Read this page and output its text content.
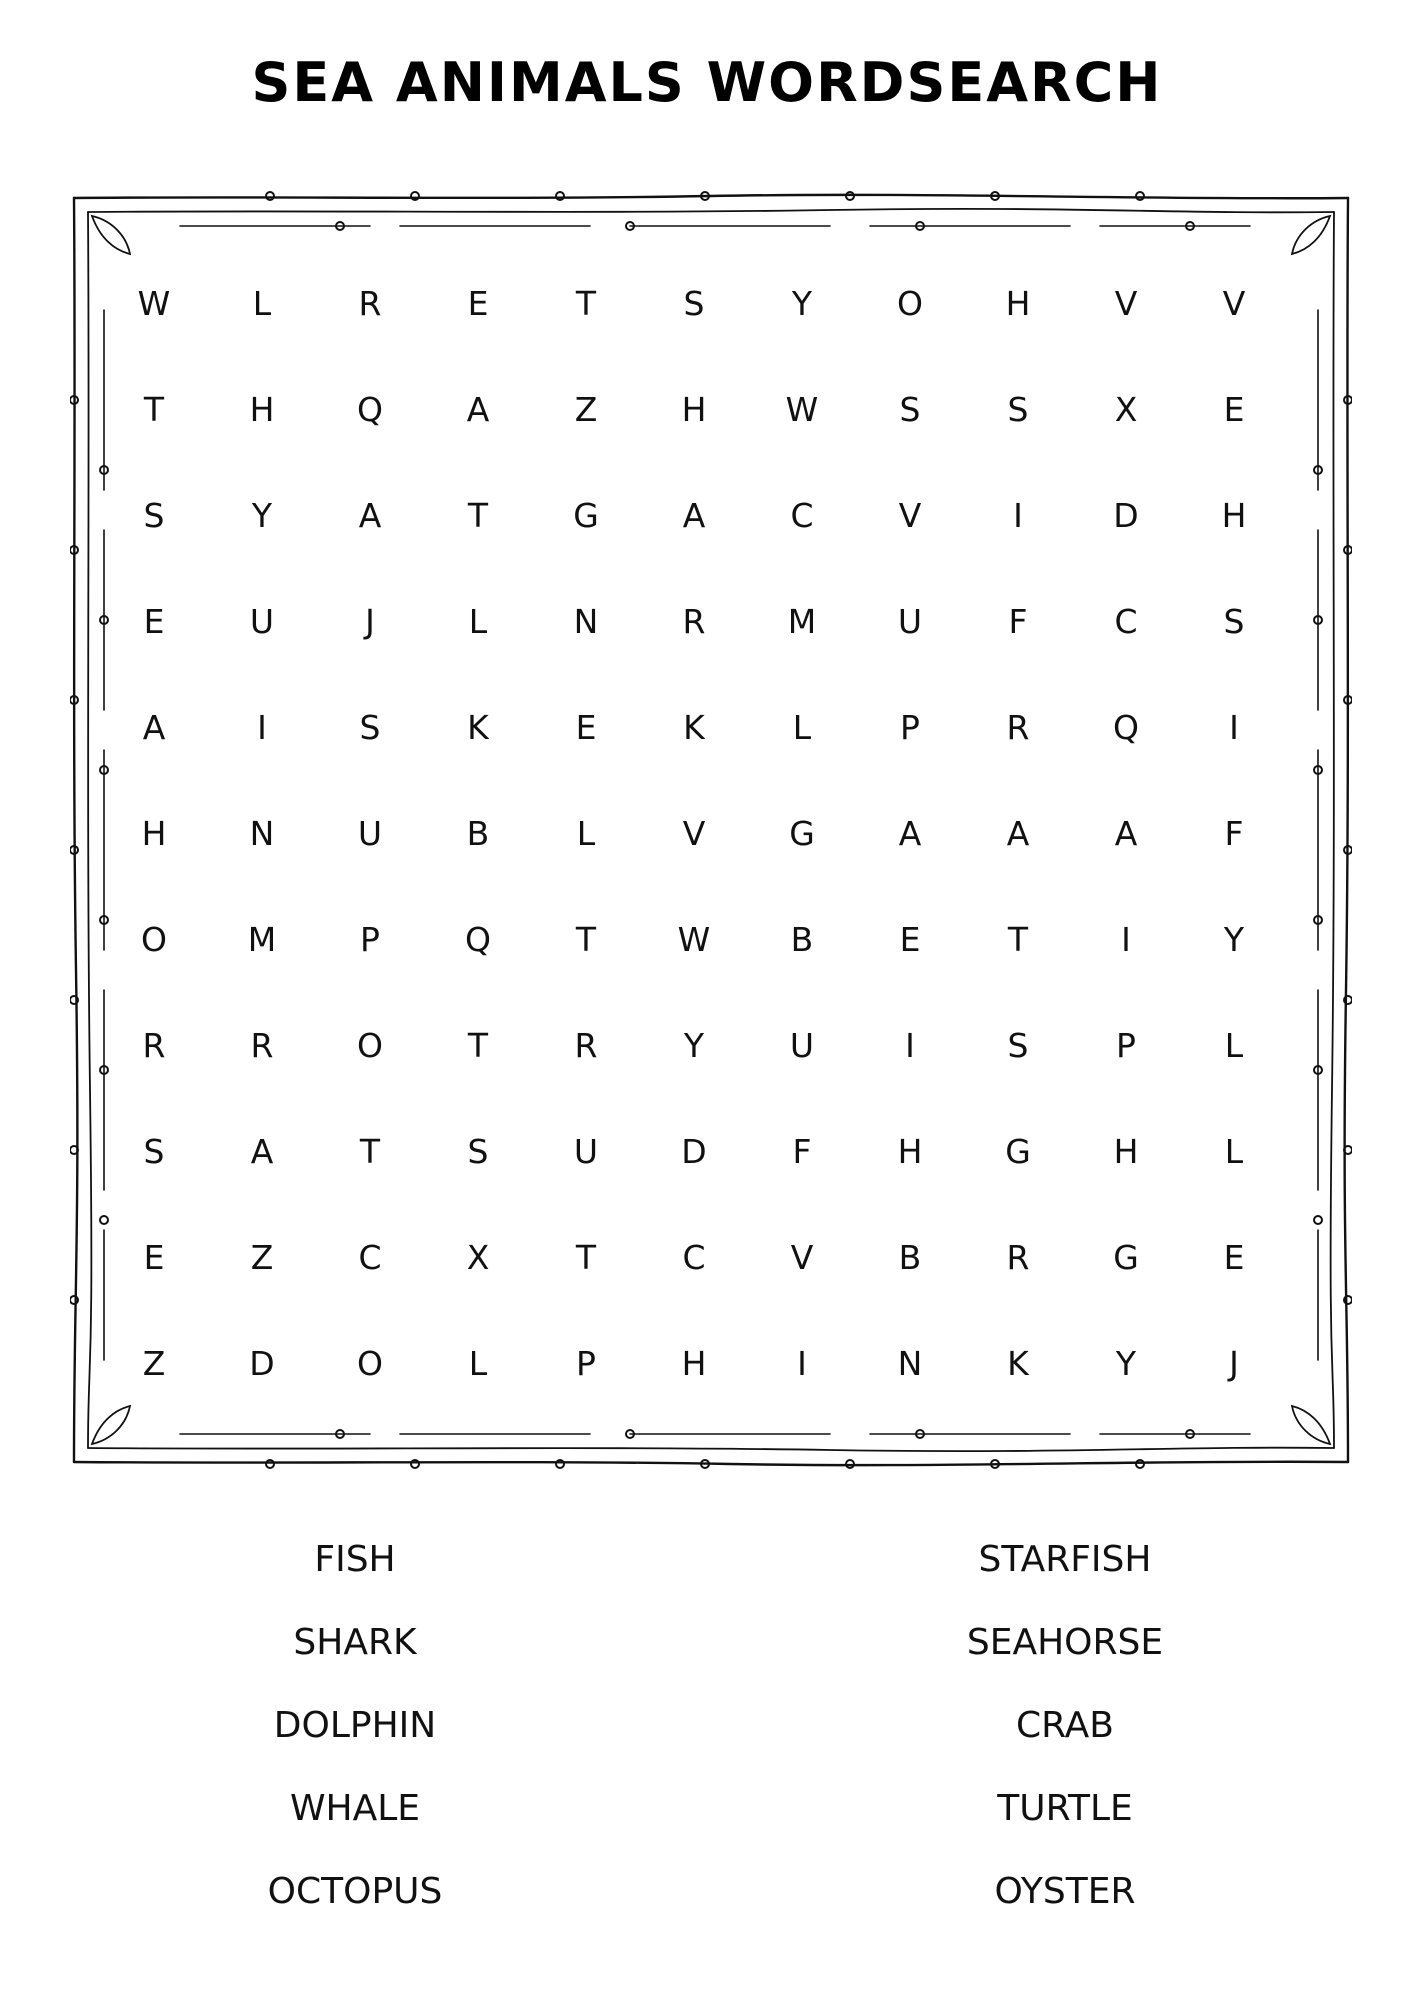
SEA ANIMALS WORDSEARCH
W	L	R	E	T	S	Y	O	H	V	V
T	H	Q	A	Z	H	W	S	S	X	E
S	Y	A	T	G	A	C	V	I	D	H
E	U	J	L	N	R	M	U	F	C	S
A	I	S	K	E	K	L	P	R	Q	I
H	N	U	B	L	V	G	A	A	A	F
O	M	P	Q	T	W	B	E	T	I	Y
R	R	O	T	R	Y	U	I	S	P	L
S	A	T	S	U	D	F	H	G	H	L
E	Z	C	X	T	C	V	B	R	G	E
Z	D	O	L	P	H	I	N	K	Y	J
FISH
SHARK
DOLPHIN
WHALE
OCTOPUS
STARFISH
SEAHORSE
CRAB
TURTLE
OYSTER
